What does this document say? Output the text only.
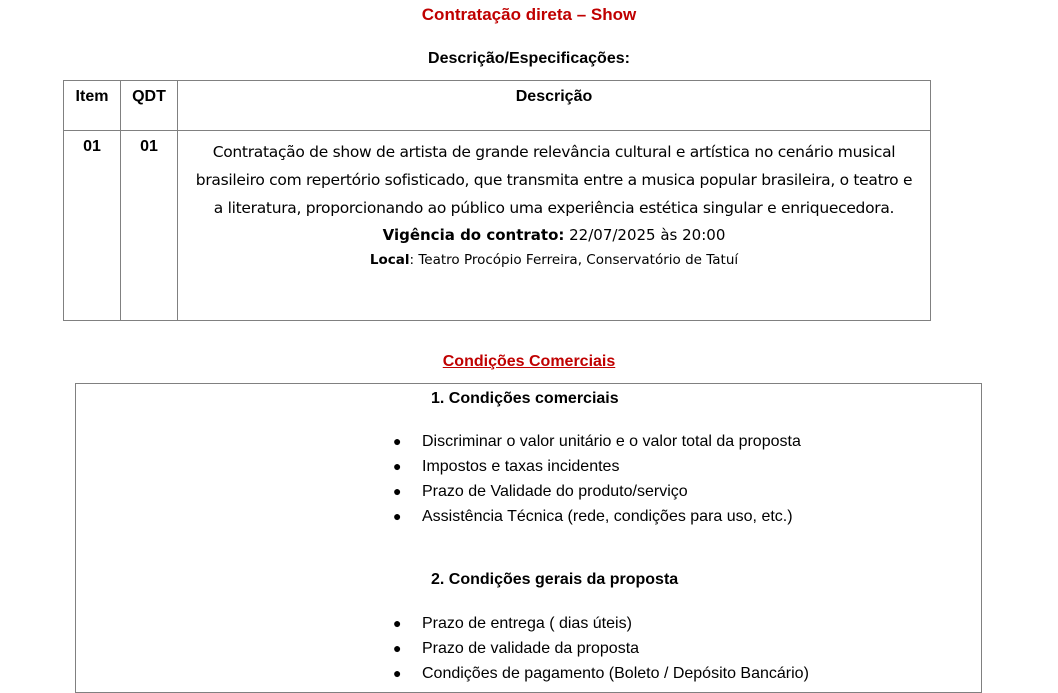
Contratação direta – Show
Descrição/Especificações:
Item	QDT	Descrição
01	01	Contratação de show de artista de grande relevância cultural e artística no cenário musical brasileiro com repertório sofisticado, que transmita entre a musica popular brasileira, o teatro e a literatura, proporcionando ao público uma experiência estética singular e enriquecedora.
Vigência do contrato: 22/07/2025 às 20:00
Local: Teatro Procópio Ferreira, Conservatório de Tatuí
Condições Comerciais
1. Condições comerciais
● Discriminar o valor unitário e o valor total da proposta
● Impostos e taxas incidentes
● Prazo de Validade do produto/serviço
● Assistência Técnica (rede, condições para uso, etc.)
2. Condições gerais da proposta
● Prazo de entrega ( dias úteis)
● Prazo de validade da proposta
● Condições de pagamento (Boleto / Depósito Bancário)
